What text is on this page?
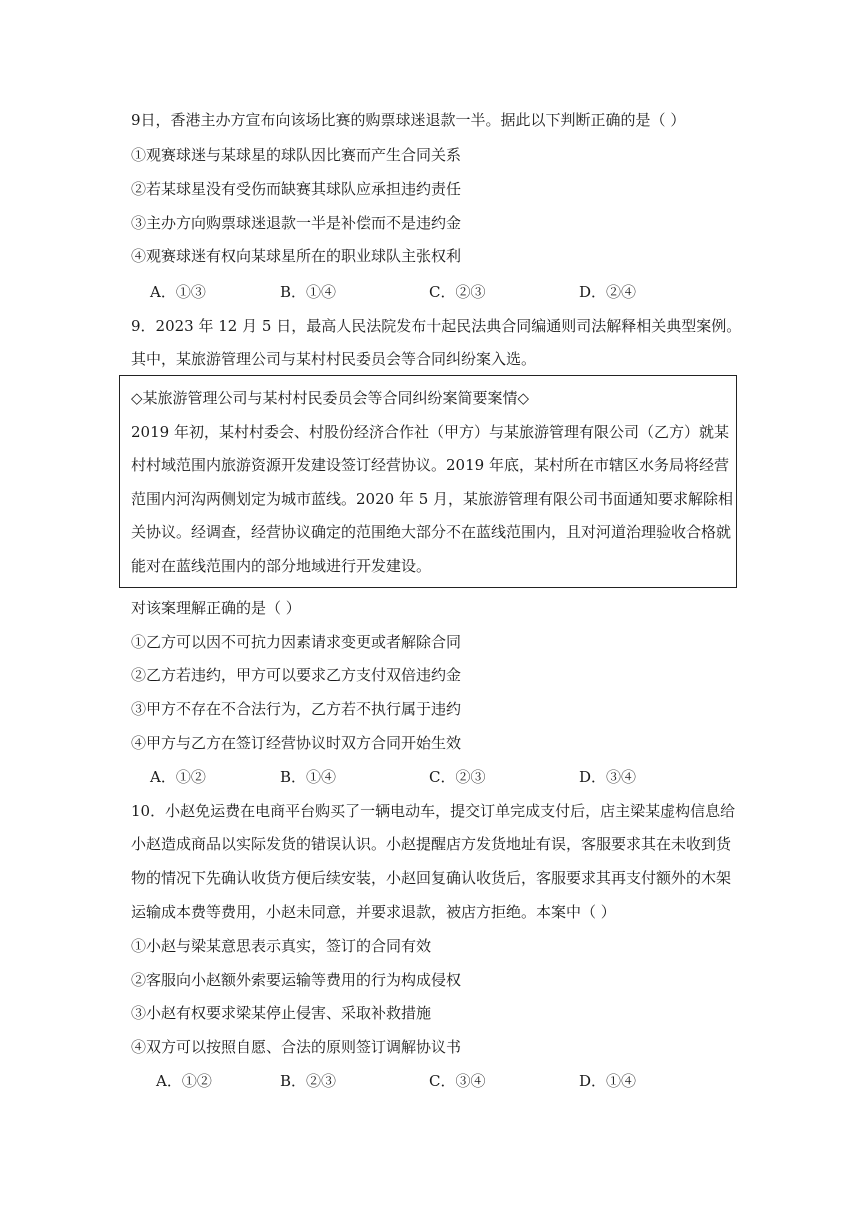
9日，香港主办方宣布向该场比赛的购票球迷退款一半。据此以下判断正确的是（ ）
①观赛球迷与某球星的球队因比赛而产生合同关系
②若某球星没有受伤而缺赛其球队应承担违约责任
③主办方向购票球迷退款一半是补偿而不是违约金
④观赛球迷有权向某球星所在的职业球队主张权利
A．①③	B．①④	C．②③	D．②④
9．2023 年 12 月 5 日，最高人民法院发布十起民法典合同编通则司法解释相关典型案例。
其中，某旅游管理公司与某村村民委员会等合同纠纷案入选。
◇某旅游管理公司与某村村民委员会等合同纠纷案简要案情◇
2019 年初，某村村委会、村股份经济合作社（甲方）与某旅游管理有限公司（乙方）就某
村村域范围内旅游资源开发建设签订经营协议。2019 年底，某村所在市辖区水务局将经营
范围内河沟两侧划定为城市蓝线。2020 年 5 月，某旅游管理有限公司书面通知要求解除相
关协议。经调查，经营协议确定的范围绝大部分不在蓝线范围内，且对河道治理验收合格就
能对在蓝线范围内的部分地域进行开发建设。
对该案理解正确的是（ ）
①乙方可以因不可抗力因素请求变更或者解除合同
②乙方若违约，甲方可以要求乙方支付双倍违约金
③甲方不存在不合法行为，乙方若不执行属于违约
④甲方与乙方在签订经营协议时双方合同开始生效
A．①②	B．①④	C．②③	D．③④
10．小赵免运费在电商平台购买了一辆电动车，提交订单完成支付后，店主梁某虚构信息给
小赵造成商品以实际发货的错误认识。小赵提醒店方发货地址有误，客服要求其在未收到货
物的情况下先确认收货方便后续安装，小赵回复确认收货后，客服要求其再支付额外的木架
运输成本费等费用，小赵未同意，并要求退款，被店方拒绝。本案中（ ）
①小赵与梁某意思表示真实，签订的合同有效
②客服向小赵额外索要运输等费用的行为构成侵权
③小赵有权要求梁某停止侵害、采取补救措施
④双方可以按照自愿、合法的原则签订调解协议书
A．①②	B．②③	C．③④	D．①④
